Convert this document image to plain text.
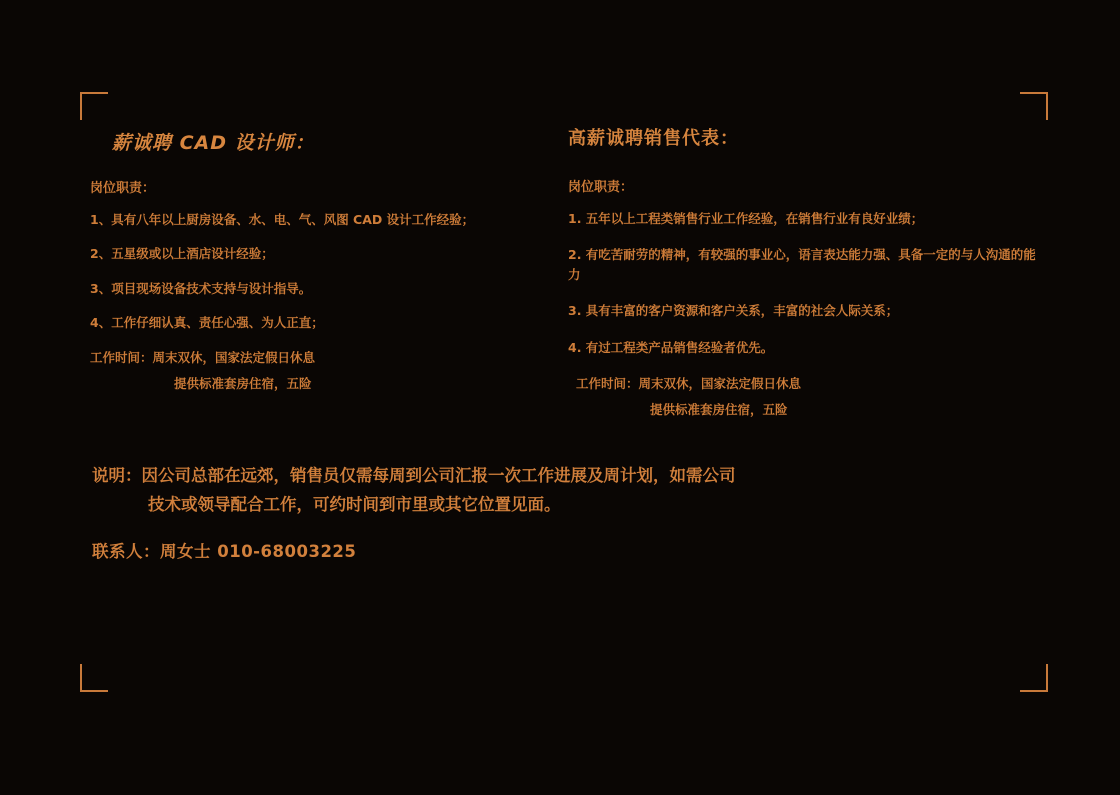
薪诚聘 CAD 设计师：
岗位职责：
1、具有八年以上厨房设备、水、电、气、风图 CAD 设计工作经验；
2、五星级或以上酒店设计经验；
3、项目现场设备技术支持与设计指导。
4、工作仔细认真、责任心强、为人正直；
工作时间：周末双休，国家法定假日休息
提供标准套房住宿，五险
高薪诚聘销售代表：
岗位职责：
1. 五年以上工程类销售行业工作经验，在销售行业有良好业绩；
2. 有吃苦耐劳的精神，有较强的事业心，语言表达能力强、具备一定的与人沟通的能力
3. 具有丰富的客户资源和客户关系，丰富的社会人际关系；
4. 有过工程类产品销售经验者优先。
工作时间：周末双休，国家法定假日休息
提供标准套房住宿，五险
说明：因公司总部在远郊，销售员仅需每周到公司汇报一次工作进展及周计划，如需公司
技术或领导配合工作，可约时间到市里或其它位置见面。
联系人：周女士 010-68003225
